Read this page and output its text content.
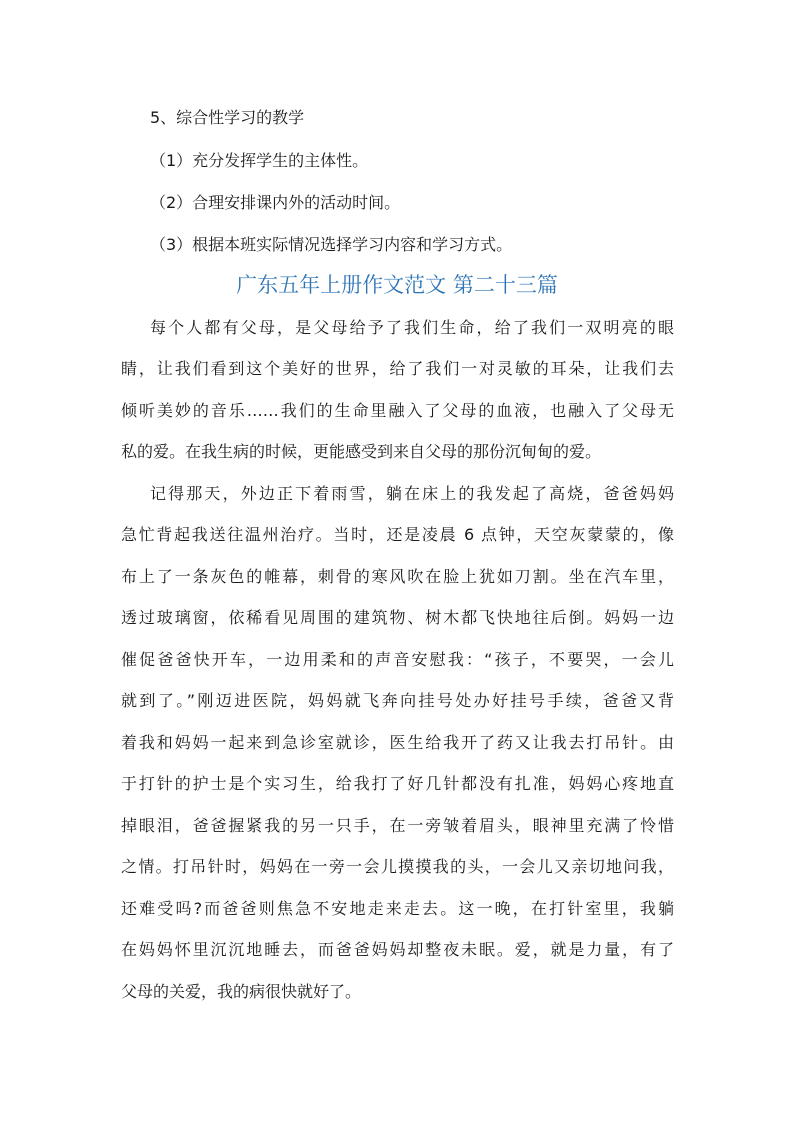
5、综合性学习的教学
（1）充分发挥学生的主体性。
（2）合理安排课内外的活动时间。
（3）根据本班实际情况选择学习内容和学习方式。
广东五年上册作文范文 第二十三篇
每个人都有父母，是父母给予了我们生命，给了我们一双明亮的眼
睛，让我们看到这个美好的世界，给了我们一对灵敏的耳朵，让我们去
倾听美妙的音乐……我们的生命里融入了父母的血液，也融入了父母无
私的爱。在我生病的时候，更能感受到来自父母的那份沉甸甸的爱。
记得那天，外边正下着雨雪，躺在床上的我发起了高烧，爸爸妈妈
急忙背起我送往温州治疗。当时，还是凌晨 6 点钟，天空灰蒙蒙的，像
布上了一条灰色的帷幕，刺骨的寒风吹在脸上犹如刀割。坐在汽车里，
透过玻璃窗，依稀看见周围的建筑物、树木都飞快地往后倒。妈妈一边
催促爸爸快开车，一边用柔和的声音安慰我：“孩子，不要哭，一会儿
就到了。”刚迈进医院，妈妈就飞奔向挂号处办好挂号手续，爸爸又背
着我和妈妈一起来到急诊室就诊，医生给我开了药又让我去打吊针。由
于打针的护士是个实习生，给我打了好几针都没有扎准，妈妈心疼地直
掉眼泪，爸爸握紧我的另一只手，在一旁皱着眉头，眼神里充满了怜惜
之情。打吊针时，妈妈在一旁一会儿摸摸我的头，一会儿又亲切地问我，
还难受吗?而爸爸则焦急不安地走来走去。这一晚，在打针室里，我躺
在妈妈怀里沉沉地睡去，而爸爸妈妈却整夜未眠。爱，就是力量，有了
父母的关爱，我的病很快就好了。
